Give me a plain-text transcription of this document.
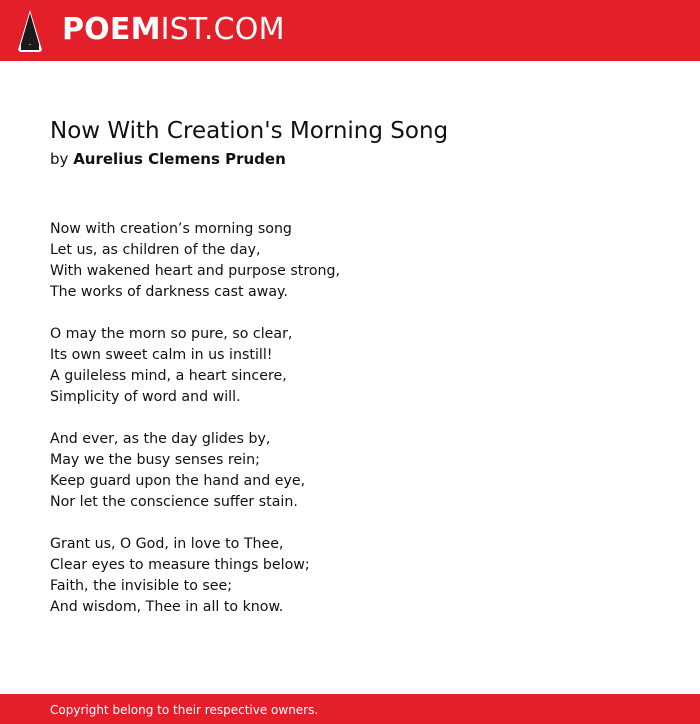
POEMIST.COM
Now With Creation's Morning Song
by Aurelius Clemens Pruden
Now with creation’s morning song
Let us, as children of the day,
With wakened heart and purpose strong,
The works of darkness cast away.
O may the morn so pure, so clear,
Its own sweet calm in us instill!
A guileless mind, a heart sincere,
Simplicity of word and will.
And ever, as the day glides by,
May we the busy senses rein;
Keep guard upon the hand and eye,
Nor let the conscience suffer stain.
Grant us, O God, in love to Thee,
Clear eyes to measure things below;
Faith, the invisible to see;
And wisdom, Thee in all to know.
Copyright belong to their respective owners.
